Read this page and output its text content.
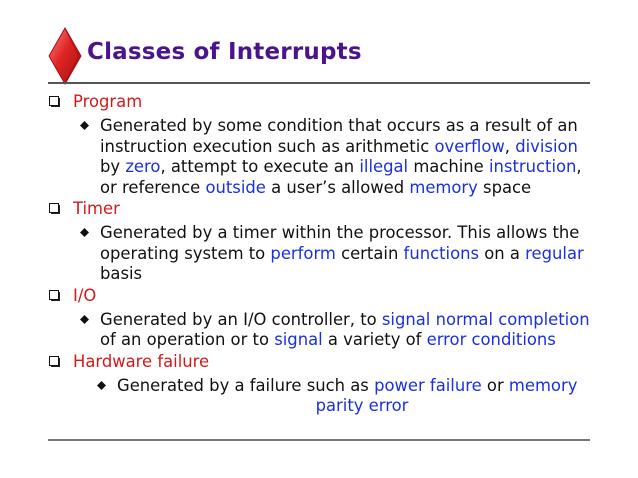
Classes of Interrupts
Program
Generated by some condition that occurs as a result of an
instruction execution such as arithmetic overflow, division
by zero, attempt to execute an illegal machine instruction,
or reference outside a user’s allowed memory space
Timer
Generated by a timer within the processor. This allows the
operating system to perform certain functions on a regular
basis
I/O
Generated by an I/O controller, to signal normal completion
of an operation or to signal a variety of error conditions
Hardware failure
Generated by a failure such as power failure or memory
parity error
